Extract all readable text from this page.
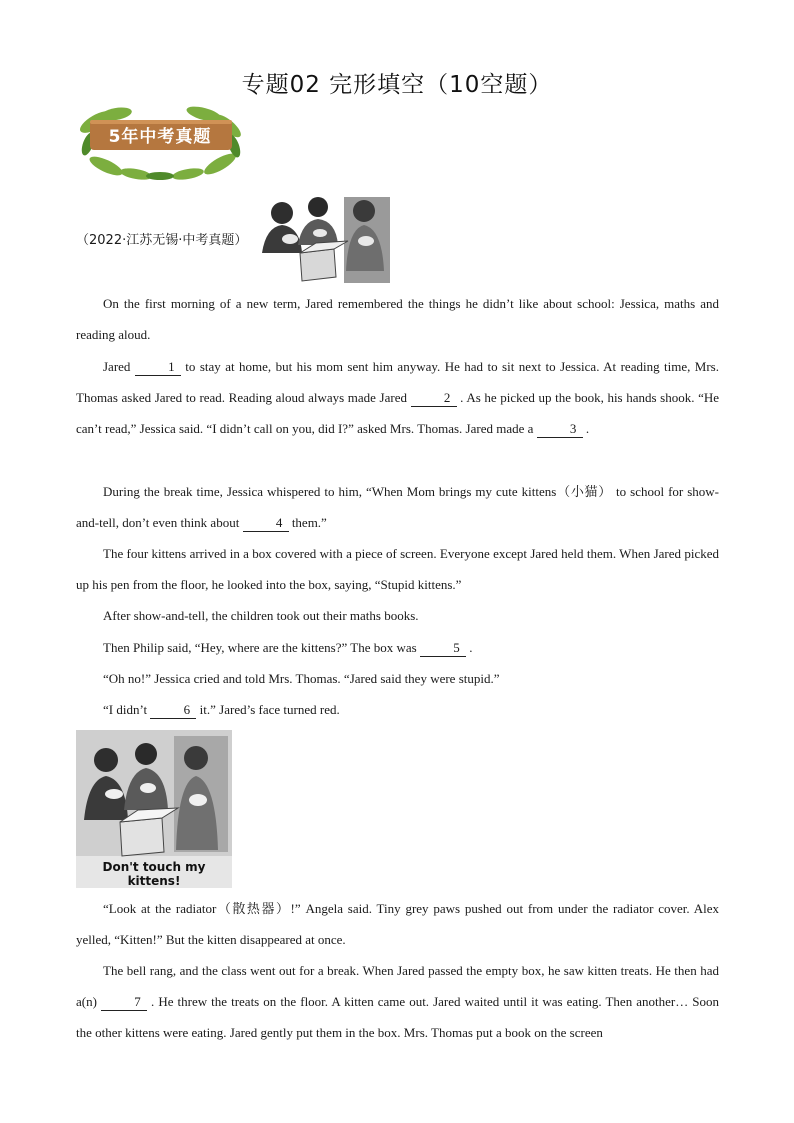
专题02 完形填空（10空题）
5年中考真题
（2022·江苏无锡·中考真题）

On the first morning of a new term, Jared remembered the things he didn’t like about school: Jessica, maths and reading aloud.

Jared	1 to stay at home, but his mom sent him anyway. He had to sit next to Jessica. At reading time, Mrs. Thomas asked Jared to read. Reading aloud always made Jared	2 . As he picked up the book, his hands shook. “He can’t read,” Jessica said. “I didn’t call on you, did I?” asked Mrs. Thomas. Jared made a	3 .

During the break time, Jessica whispered to him, “When Mom brings my cute kittens（小猫） to school for show-and-tell, don’t even think about	4 them.”

The four kittens arrived in a box covered with a piece of screen. Everyone except Jared held them. When Jared picked up his pen from the floor, he looked into the box, saying, “Stupid kittens.”

After show-and-tell, the children took out their maths books.

Then Philip said, “Hey, where are the kittens?” The box was	5 .

“Oh no!” Jessica cried and told Mrs. Thomas. “Jared said they were stupid.”

“I didn’t	6 it.” Jared’s face turned red.

Don't touch my kittens!

“Look at the radiator（散热器）!” Angela said. Tiny grey paws pushed out from under the radiator cover. Alex yelled, “Kitten!” But the kitten disappeared at once.

The bell rang, and the class went out for a break. When Jared passed the empty box, he saw kitten treats. He then had a(n)	7 . He threw the treats on the floor. A kitten came out. Jared waited until it was eating. Then another… Soon the other kittens were eating. Jared gently put them in the box. Mrs. Thomas put a book on the screen
